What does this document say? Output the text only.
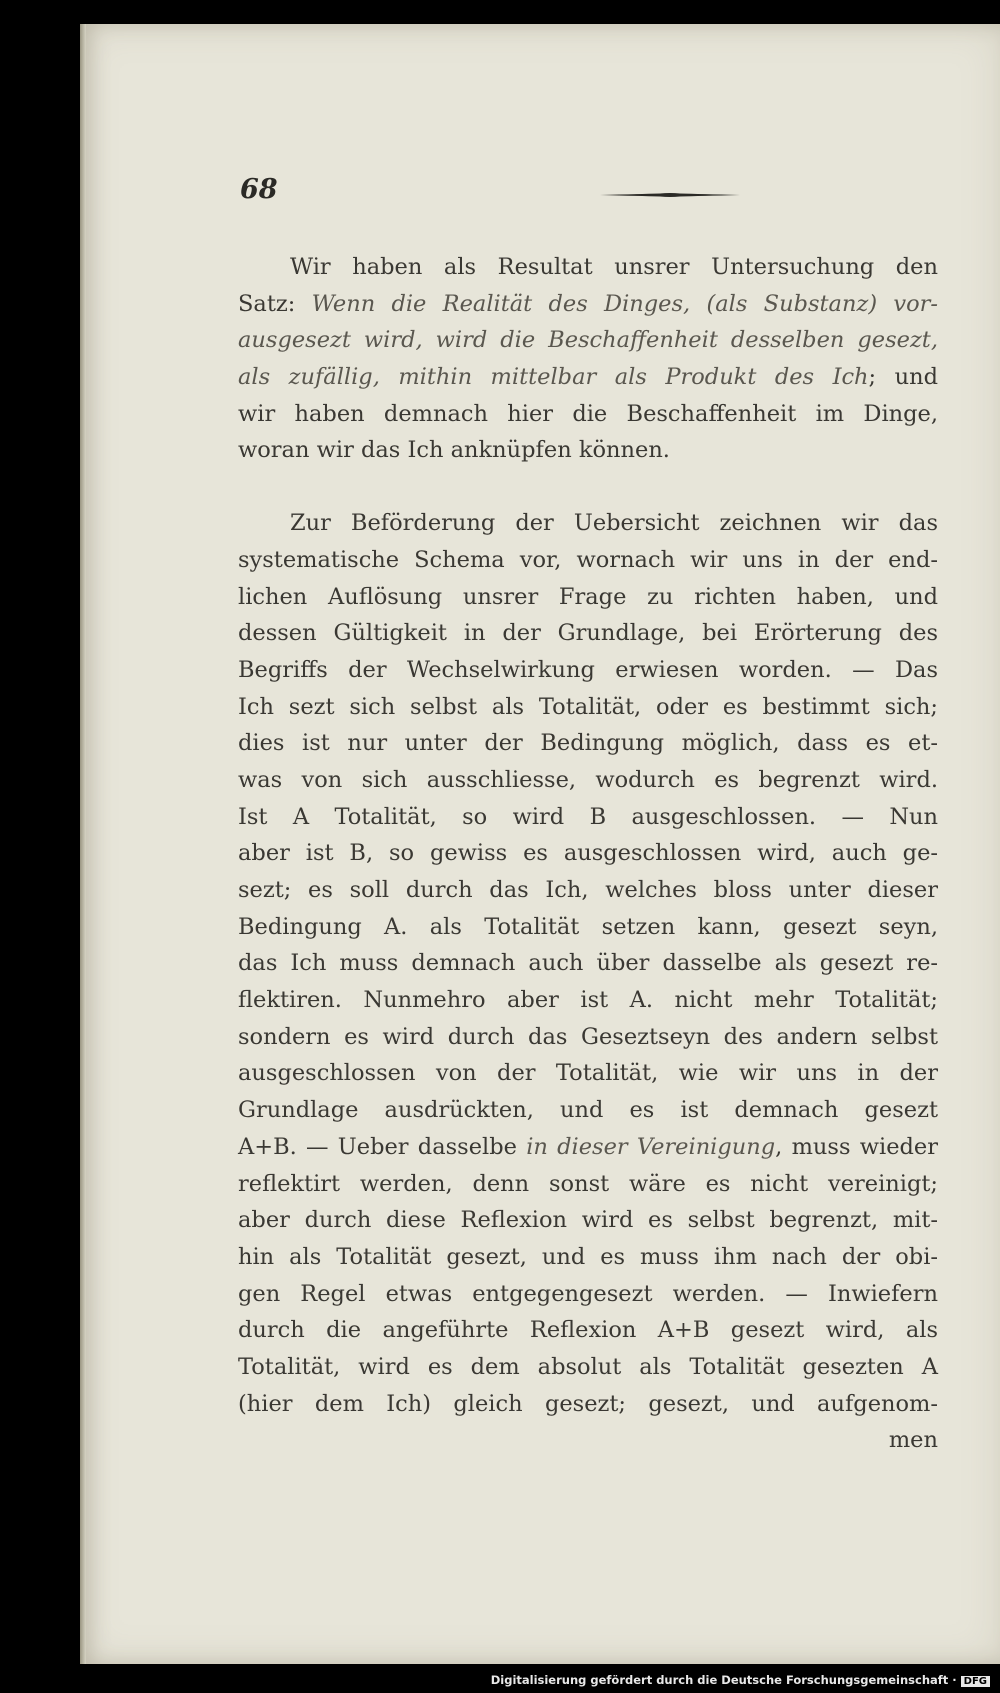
68
Wir haben als Resultat unsrer Untersuchung den
Satz: Wenn die Realität des Dinges, (als Substanz) vor-
ausgesezt wird, wird die Beschaffenheit desselben gesezt,
als zufällig, mithin mittelbar als Produkt des Ich; und
wir haben demnach hier die Beschaffenheit im Dinge,
woran wir das Ich anknüpfen können.
Zur Beförderung der Uebersicht zeichnen wir das
systematische Schema vor, wornach wir uns in der end-
lichen Auflösung unsrer Frage zu richten haben, und
dessen Gültigkeit in der Grundlage, bei Erörterung des
Begriffs der Wechselwirkung erwiesen worden. — Das
Ich sezt sich selbst als Totalität, oder es bestimmt sich;
dies ist nur unter der Bedingung möglich, dass es et-
was von sich ausschliesse, wodurch es begrenzt wird.
Ist A Totalität, so wird B ausgeschlossen. — Nun
aber ist B, so gewiss es ausgeschlossen wird, auch ge-
sezt; es soll durch das Ich, welches bloss unter dieser
Bedingung A. als Totalität setzen kann, gesezt seyn,
das Ich muss demnach auch über dasselbe als gesezt re-
flektiren. Nunmehro aber ist A. nicht mehr Totalität;
sondern es wird durch das Geseztseyn des andern selbst
ausgeschlossen von der Totalität, wie wir uns in der
Grundlage ausdrückten, und es ist demnach gesezt
A+B. — Ueber dasselbe in dieser Vereinigung, muss wieder
reflektirt werden, denn sonst wäre es nicht vereinigt;
aber durch diese Reflexion wird es selbst begrenzt, mit-
hin als Totalität gesezt, und es muss ihm nach der obi-
gen Regel etwas entgegengesezt werden. — Inwiefern
durch die angeführte Reflexion A+B gesezt wird, als
Totalität, wird es dem absolut als Totalität gesezten A
(hier dem Ich) gleich gesezt; gesezt, und aufgenom-
men
Digitalisierung gefördert durch die Deutsche Forschungsgemeinschaft · DFG
